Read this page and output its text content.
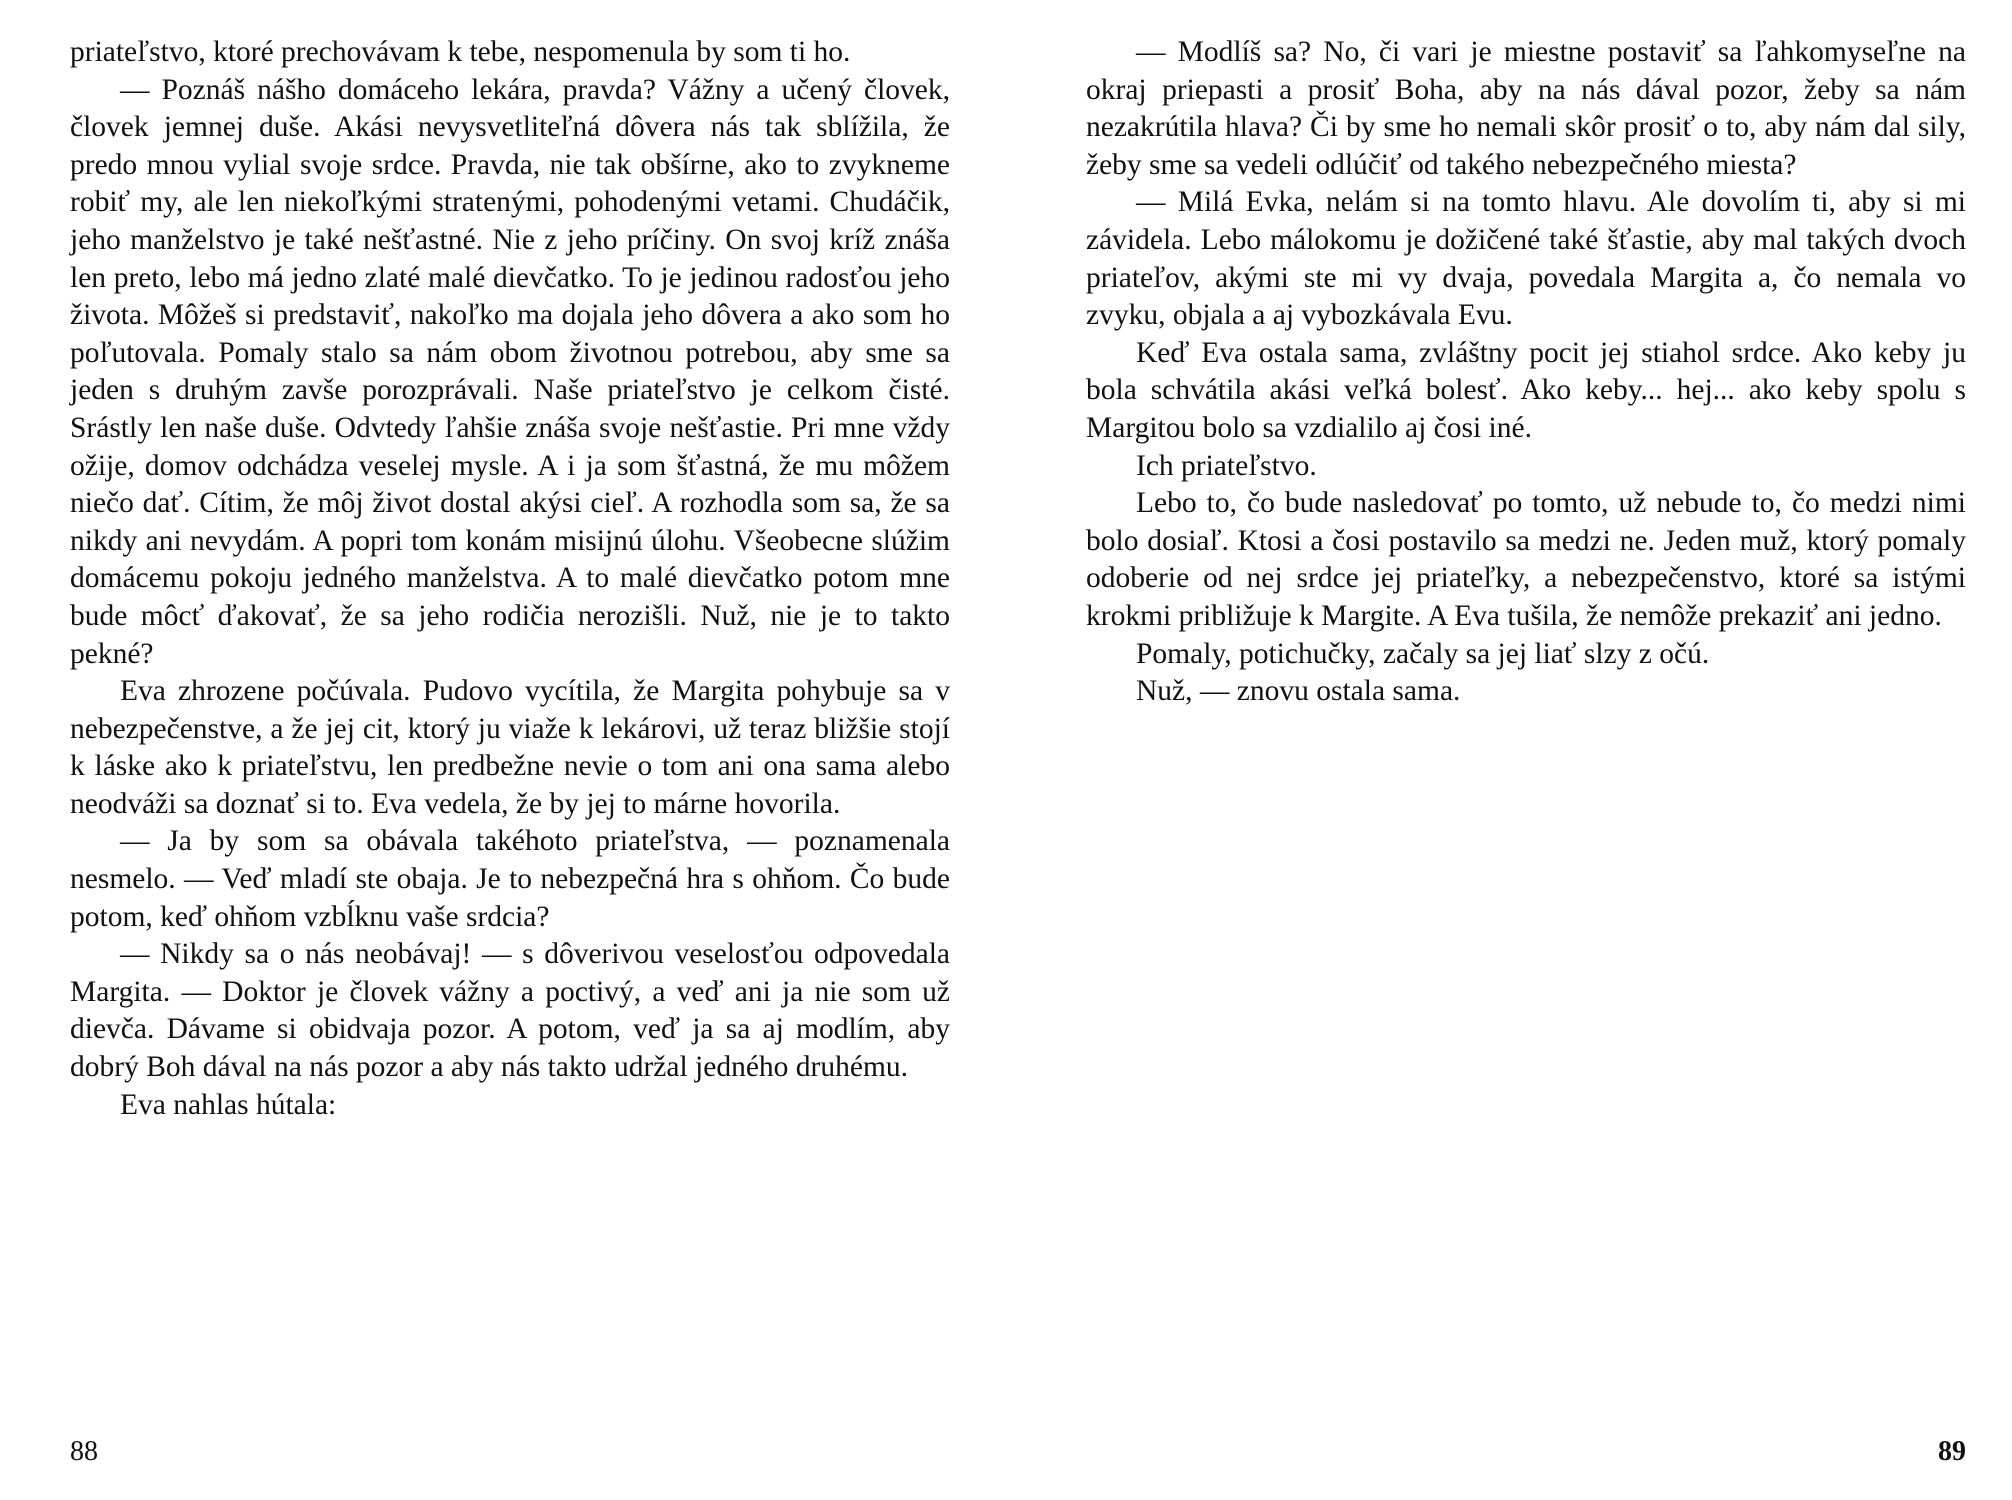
priateľstvo, ktoré prechovávam k tebe, nespomenula by som ti ho.

— Poznáš nášho domáceho lekára, pravda? Vážny a učený človek, človek jemnej duše. Akási nevysvetliteľná dôvera nás tak sblížila, že predo mnou vylial svoje srdce. Pravda, nie tak obšírne, ako to zvykneme robiť my, ale len niekoľkými stratenými, pohodenými vetami. Chudáčik, jeho manželstvo je také nešťastné. Nie z jeho príčiny. On svoj kríž znáša len preto, lebo má jedno zlaté malé dievčatko. To je jedinou radosťou jeho života. Môžeš si predstaviť, nakoľko ma dojala jeho dôvera a ako som ho poľutovala. Pomaly stalo sa nám obom životnou potrebou, aby sme sa jeden s druhým zavše porozprávali. Naše priateľstvo je celkom čisté. Srástly len naše duše. Odvtedy ľahšie znáša svoje nešťastie. Pri mne vždy ožije, domov odchádza veselej mysle. A i ja som šťastná, že mu môžem niečo dať. Cítim, že môj život dostal akýsi cieľ. A rozhodla som sa, že sa nikdy ani nevydám. A popri tom konám misijnú úlohu. Všeobecne slúžim domácemu pokoju jedného manželstva. A to malé dievčatko potom mne bude môcť ďakovať, že sa jeho rodičia nerozišli. Nuž, nie je to takto pekné?

Eva zhrozene počúvala. Pudovo vycítila, že Margita pohybuje sa v nebezpečenstve, a že jej cit, ktorý ju viaže k lekárovi, už teraz bližšie stojí k láske ako k priateľstvu, len predbežne nevie o tom ani ona sama alebo neodváži sa doznať si to. Eva vedela, že by jej to márne hovorila.

— Ja by som sa obávala takéhoto priateľstva, — poznamenala nesmelo. — Veď mladí ste obaja. Je to nebezpečná hra s ohňom. Čo bude potom, keď ohňom vzbĺknu vaše srdcia?

— Nikdy sa o nás neobávaj! — s dôverivou veselosťou odpovedala Margita. — Doktor je človek vážny a poctivý, a veď ani ja nie som už dievča. Dávame si obidvaja pozor. A potom, veď ja sa aj modlím, aby dobrý Boh dával na nás pozor a aby nás takto udržal jedného druhému.

Eva nahlas hútala:

88

— Modlíš sa? No, či vari je miestne postaviť sa ľahkomyseľne na okraj priepasti a prosiť Boha, aby na nás dával pozor, žeby sa nám nezakrútila hlava? Či by sme ho nemali skôr prosiť o to, aby nám dal sily, žeby sme sa vedeli odlúčiť od takého nebezpečného miesta?

— Milá Evka, nelám si na tomto hlavu. Ale dovolím ti, aby si mi závidela. Lebo málokomu je dožičené také šťastie, aby mal takých dvoch priateľov, akými ste mi vy dvaja, povedala Margita a, čo nemala vo zvyku, objala a aj vybozkávala Evu.

Keď Eva ostala sama, zvláštny pocit jej stiahol srdce. Ako keby ju bola schvátila akási veľká bolesť. Ako keby... hej... ako keby spolu s Margitou bolo sa vzdialilo aj čosi iné.

Ich priateľstvo.

Lebo to, čo bude nasledovať po tomto, už nebude to, čo medzi nimi bolo dosiaľ. Ktosi a čosi postavilo sa medzi ne. Jeden muž, ktorý pomaly odoberie od nej srdce jej priateľky, a nebezpečenstvo, ktoré sa istými krokmi približuje k Margite. A Eva tušila, že nemôže prekaziť ani jedno.

Pomaly, potichučky, začaly sa jej liať slzy z očú.

Nuž, — znovu ostala sama.

89
